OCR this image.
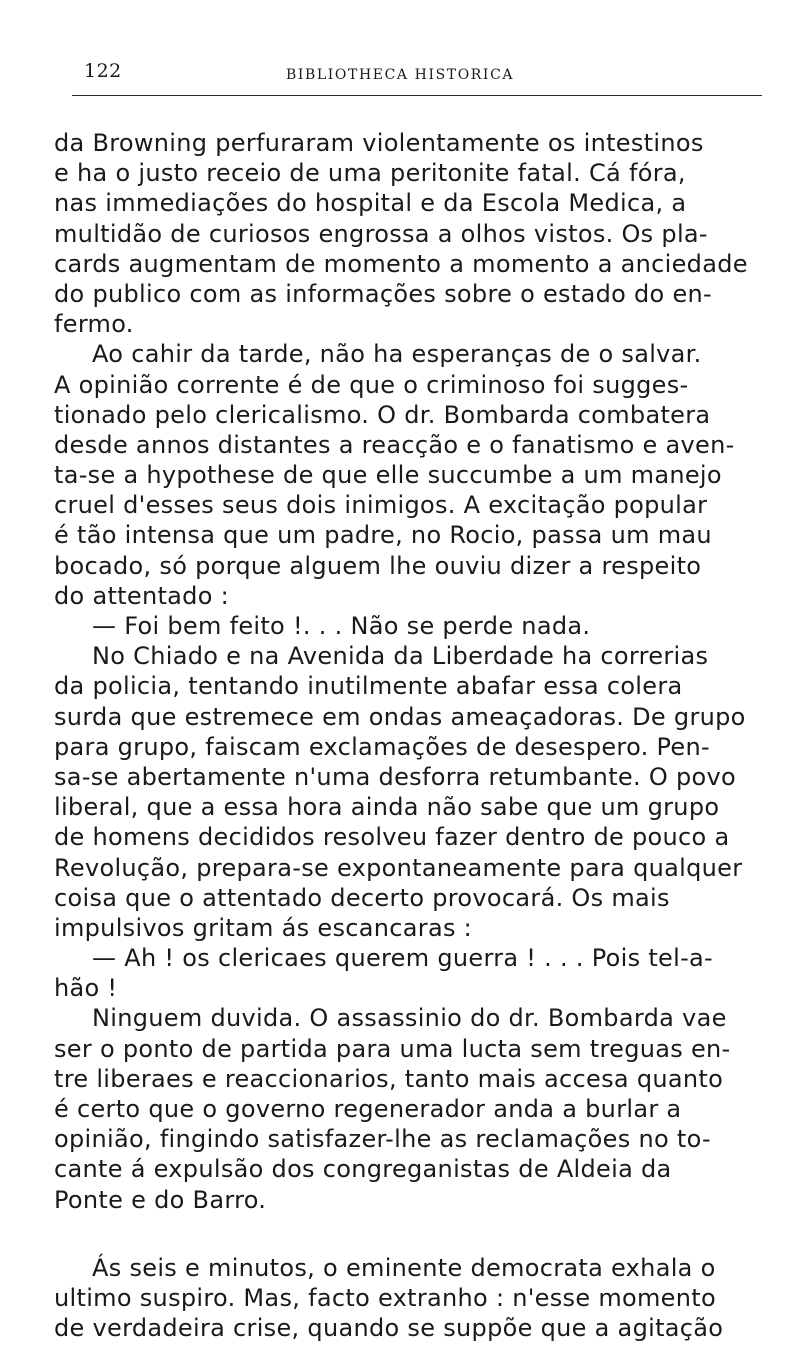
122	BIBLIOTHECA HISTORICA
da Browning perfuraram violentamente os intestinos
e ha o justo receio de uma peritonite fatal. Cá fóra,
nas immediações do hospital e da Escola Medica, a
multidão de curiosos engrossa a olhos vistos. Os pla-
cards augmentam de momento a momento a anciedade
do publico com as informações sobre o estado do en-
fermo.
Ao cahir da tarde, não ha esperanças de o salvar.
A opinião corrente é de que o criminoso foi sugges-
tionado pelo clericalismo. O dr. Bombarda combatera
desde annos distantes a reacção e o fanatismo e aven-
ta-se a hypothese de que elle succumbe a um manejo
cruel d'esses seus dois inimigos. A excitação popular
é tão intensa que um padre, no Rocio, passa um mau
bocado, só porque alguem lhe ouviu dizer a respeito
do attentado :
— Foi bem feito !. . . Não se perde nada.
No Chiado e na Avenida da Liberdade ha correrias
da policia, tentando inutilmente abafar essa colera
surda que estremece em ondas ameaçadoras. De grupo
para grupo, faiscam exclamações de desespero. Pen-
sa-se abertamente n'uma desforra retumbante. O povo
liberal, que a essa hora ainda não sabe que um grupo
de homens decididos resolveu fazer dentro de pouco a
Revolução, prepara-se expontaneamente para qualquer
coisa que o attentado decerto provocará. Os mais
impulsivos gritam ás escancaras :
— Ah ! os clericaes querem guerra ! . . . Pois tel-a-
hão !
Ninguem duvida. O assassinio do dr. Bombarda vae
ser o ponto de partida para uma lucta sem treguas en-
tre liberaes e reaccionarios, tanto mais accesa quanto
é certo que o governo regenerador anda a burlar a
opinião, fingindo satisfazer-lhe as reclamações no to-
cante á expulsão dos congreganistas de Aldeia da
Ponte e do Barro.
Ás seis e minutos, o eminente democrata exhala o
ultimo suspiro. Mas, facto extranho : n'esse momento
de verdadeira crise, quando se suppõe que a agitação
